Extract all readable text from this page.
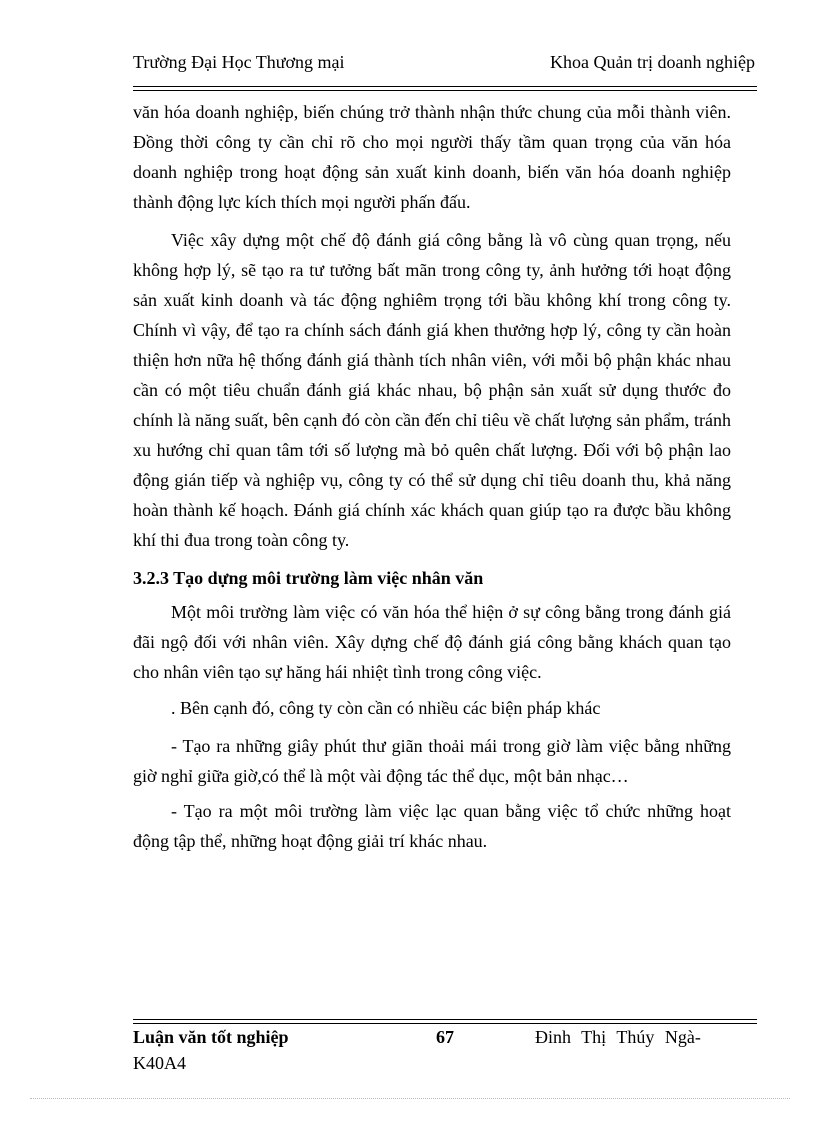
Trường Đại Học Thương mại	Khoa Quản trị doanh nghiệp

văn hóa doanh nghiệp, biến chúng trở thành nhận thức chung của mỗi thành viên. Đồng thời công ty cần chỉ rõ cho mọi người thấy tầm quan trọng của văn hóa doanh nghiệp trong hoạt động sản xuất kinh doanh, biến văn hóa doanh nghiệp thành động lực kích thích mọi người phấn đấu.

Việc xây dựng một chế độ đánh giá công bằng là vô cùng quan trọng, nếu không hợp lý, sẽ tạo ra tư tưởng bất mãn trong công ty, ảnh hưởng tới hoạt động sản xuất kinh doanh và tác động nghiêm trọng tới bầu không khí trong công ty. Chính vì vậy, để tạo ra chính sách đánh giá khen thưởng hợp lý, công ty cần hoàn thiện hơn nữa hệ thống đánh giá thành tích nhân viên, với mỗi bộ phận khác nhau cần có một tiêu chuẩn đánh giá khác nhau, bộ phận sản xuất sử dụng thước đo chính là năng suất, bên cạnh đó còn cần đến chỉ tiêu về chất lượng sản phẩm, tránh xu hướng chỉ quan tâm tới số lượng mà bỏ quên chất lượng. Đối với bộ phận lao động gián tiếp và nghiệp vụ, công ty có thể sử dụng chỉ tiêu doanh thu, khả năng hoàn thành kế hoạch. Đánh giá chính xác khách quan giúp tạo ra được bầu không khí thi đua trong toàn công ty.

3.2.3 Tạo dựng môi trường làm việc nhân văn

Một môi trường làm việc có văn hóa thể hiện ở sự công bằng trong đánh giá đãi ngộ đối với nhân viên. Xây dựng chế độ đánh giá công bằng khách quan tạo cho nhân viên tạo sự hăng hái nhiệt tình trong công việc.

. Bên cạnh đó, công ty còn cần có nhiều các biện pháp khác

- Tạo ra những giây phút thư giãn thoải mái trong giờ làm việc bằng những giờ nghỉ giữa giờ,có thể là một vài động tác thể dục, một bản nhạc…

- Tạo ra một môi trường làm việc lạc quan bằng việc tổ chức những hoạt động tập thể, những hoạt động giải trí khác nhau.

Luận văn tốt nghiệp	67	Đinh Thị Thúy Ngà-
K40A4
